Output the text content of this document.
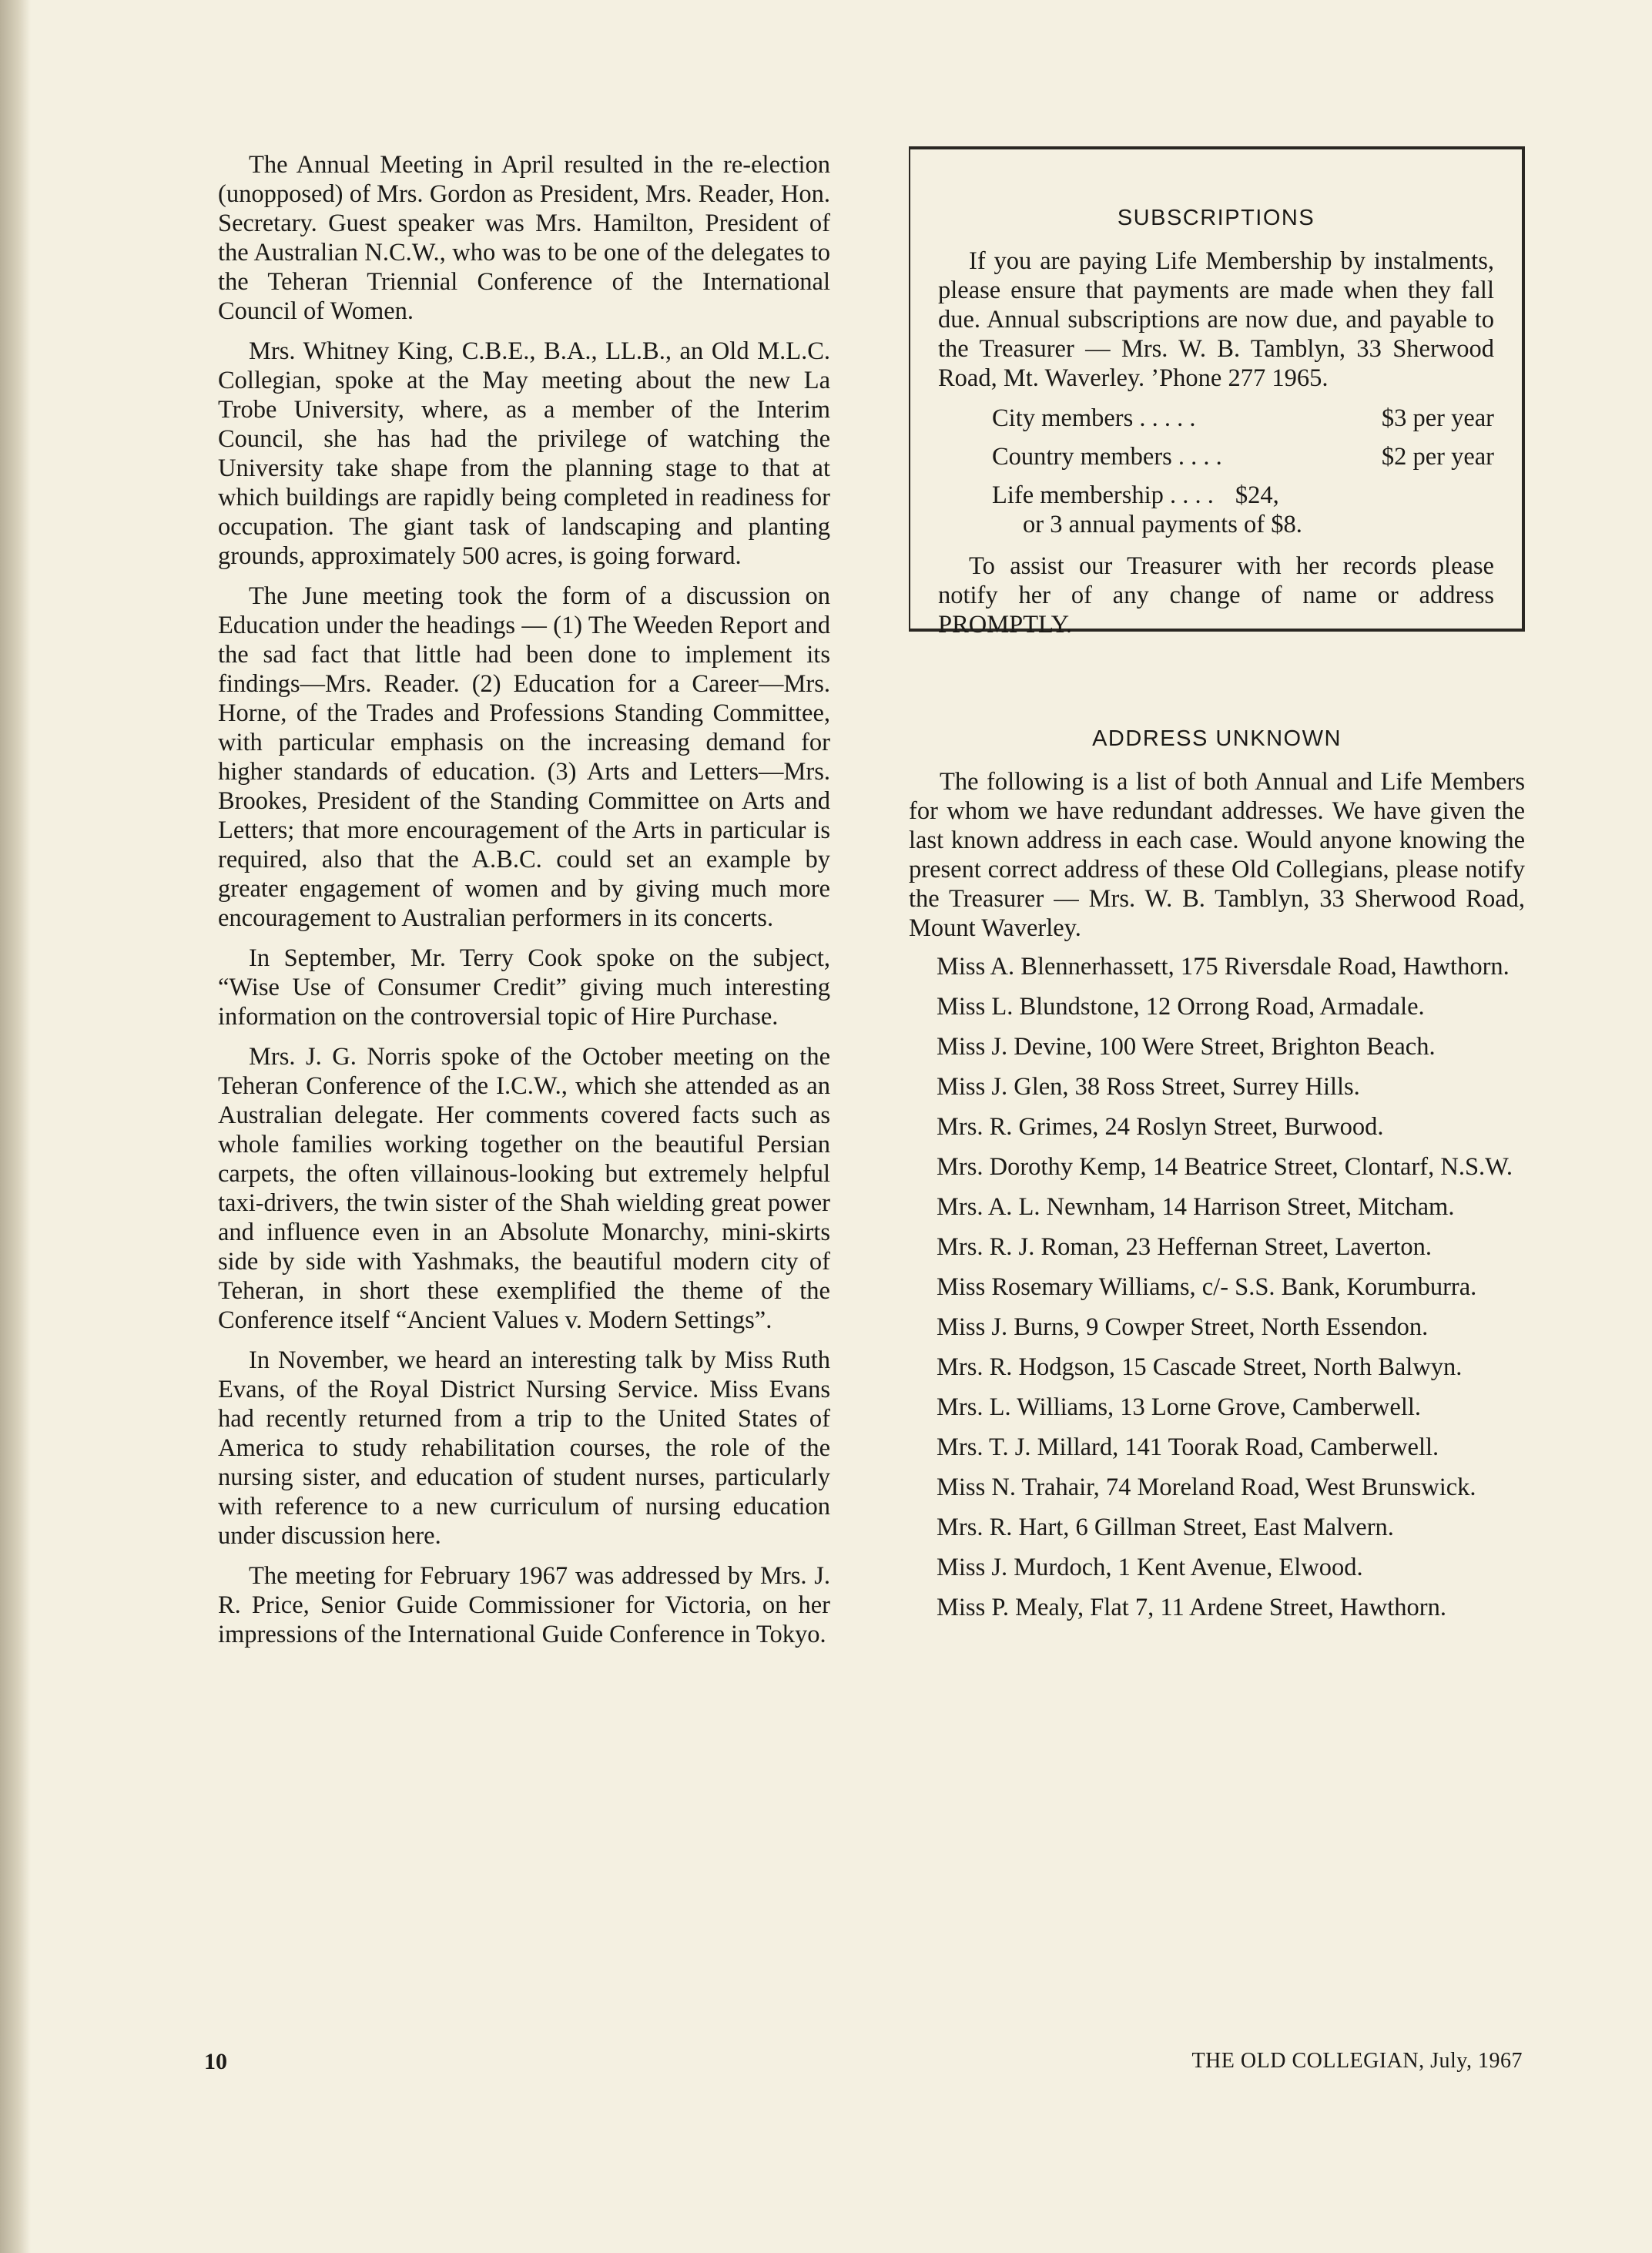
The Annual Meeting in April resulted in the re-election (unopposed) of Mrs. Gordon as President, Mrs. Reader, Hon. Secretary. Guest speaker was Mrs. Hamilton, President of the Australian N.C.W., who was to be one of the delegates to the Teheran Triennial Conference of the International Council of Women.

Mrs. Whitney King, C.B.E., B.A., LL.B., an Old M.L.C. Collegian, spoke at the May meeting about the new La Trobe University, where, as a member of the Interim Council, she has had the privilege of watching the University take shape from the planning stage to that at which buildings are rapidly being completed in readiness for occupation. The giant task of landscaping and planting grounds, approximately 500 acres, is going forward.

The June meeting took the form of a discussion on Education under the headings — (1) The Weeden Report and the sad fact that little had been done to implement its findings—Mrs. Reader. (2) Education for a Career—Mrs. Horne, of the Trades and Professions Standing Committee, with particular emphasis on the increasing demand for higher standards of education. (3) Arts and Letters—Mrs. Brookes, President of the Standing Committee on Arts and Letters; that more encouragement of the Arts in particular is required, also that the A.B.C. could set an example by greater engagement of women and by giving much more encouragement to Australian performers in its concerts.

In September, Mr. Terry Cook spoke on the subject, “Wise Use of Consumer Credit” giving much interesting information on the controversial topic of Hire Purchase.

Mrs. J. G. Norris spoke of the October meeting on the Teheran Conference of the I.C.W., which she attended as an Australian delegate. Her comments covered facts such as whole families working together on the beautiful Persian carpets, the often villainous-looking but extremely helpful taxi-drivers, the twin sister of the Shah wielding great power and influence even in an Absolute Monarchy, mini-skirts side by side with Yashmaks, the beautiful modern city of Teheran, in short these exemplified the theme of the Conference itself “Ancient Values v. Modern Settings”.

In November, we heard an interesting talk by Miss Ruth Evans, of the Royal District Nursing Service. Miss Evans had recently returned from a trip to the United States of America to study rehabilitation courses, the role of the nursing sister, and education of student nurses, particularly with reference to a new curriculum of nursing education under discussion here.

The meeting for February 1967 was addressed by Mrs. J. R. Price, Senior Guide Commissioner for Victoria, on her impressions of the International Guide Conference in Tokyo.

SUBSCRIPTIONS

If you are paying Life Membership by instalments, please ensure that payments are made when they fall due. Annual subscriptions are now due, and payable to the Treasurer — Mrs. W. B. Tamblyn, 33 Sherwood Road, Mt. Waverley. ’Phone 277 1965.

City members . . . . .	$3 per year
Country members . . . .	$2 per year
Life membership . . . . $24,
or 3 annual payments of $8.

To assist our Treasurer with her records please notify her of any change of name or address PROMPTLY.

ADDRESS UNKNOWN

The following is a list of both Annual and Life Members for whom we have redundant addresses. We have given the last known address in each case. Would anyone knowing the present correct address of these Old Collegians, please notify the Treasurer — Mrs. W. B. Tamblyn, 33 Sherwood Road, Mount Waverley.

Miss A. Blennerhassett, 175 Riversdale Road, Hawthorn.

Miss L. Blundstone, 12 Orrong Road, Armadale.

Miss J. Devine, 100 Were Street, Brighton Beach.

Miss J. Glen, 38 Ross Street, Surrey Hills.

Mrs. R. Grimes, 24 Roslyn Street, Burwood.

Mrs. Dorothy Kemp, 14 Beatrice Street, Clontarf, N.S.W.

Mrs. A. L. Newnham, 14 Harrison Street, Mitcham.

Mrs. R. J. Roman, 23 Heffernan Street, Laverton.

Miss Rosemary Williams, c/- S.S. Bank, Korumburra.

Miss J. Burns, 9 Cowper Street, North Essendon.

Mrs. R. Hodgson, 15 Cascade Street, North Balwyn.

Mrs. L. Williams, 13 Lorne Grove, Camberwell.

Mrs. T. J. Millard, 141 Toorak Road, Camberwell.

Miss N. Trahair, 74 Moreland Road, West Brunswick.

Mrs. R. Hart, 6 Gillman Street, East Malvern.

Miss J. Murdoch, 1 Kent Avenue, Elwood.

Miss P. Mealy, Flat 7, 11 Ardene Street, Hawthorn.

10	THE OLD COLLEGIAN, July, 1967
